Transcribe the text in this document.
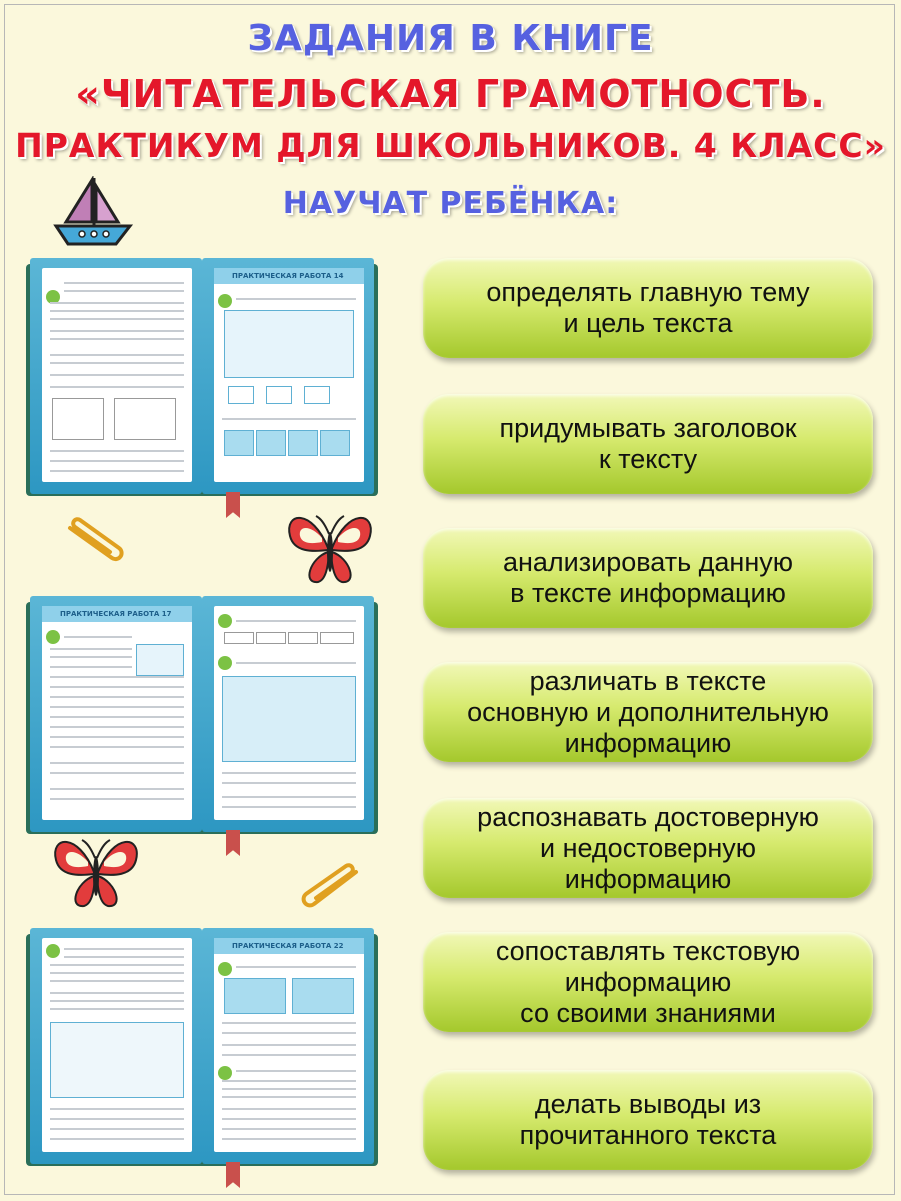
ЗАДАНИЯ В КНИГЕ
«ЧИТАТЕЛЬСКАЯ ГРАМОТНОСТЬ.
ПРАКТИКУМ ДЛЯ ШКОЛЬНИКОВ. 4 КЛАСС»
НАУЧАТ РЕБЁНКА:
ПРАКТИЧЕСКАЯ РАБОТА 14
ПРАКТИЧЕСКАЯ РАБОТА 17
ПРАКТИЧЕСКАЯ РАБОТА 22
определять главную тему
и цель текста
придумывать заголовок
к тексту
анализировать данную
в тексте информацию
различать в тексте
основную и дополнительную
информацию
распознавать достоверную
и недостоверную
информацию
сопоставлять текстовую
информацию
со своими знаниями
делать выводы из
прочитанного текста
